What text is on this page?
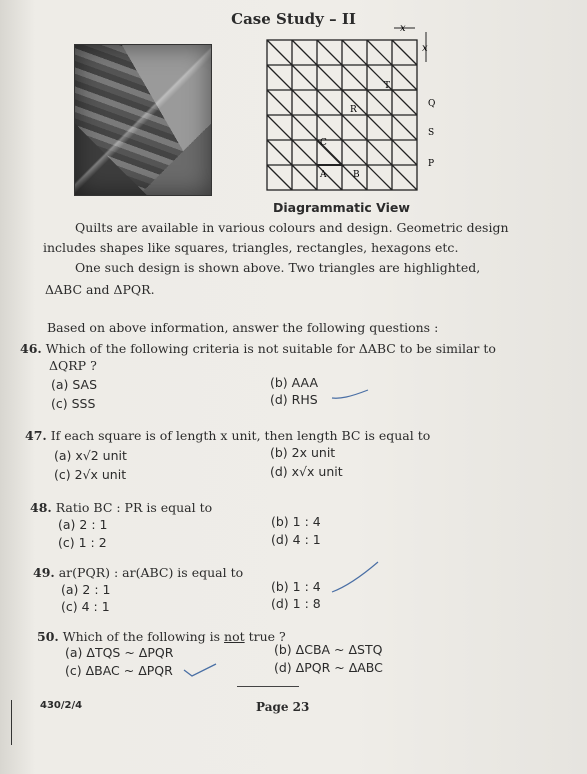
Case Study – II
x
x
R
T
Q
C
S
A	B
P
Diagrammatic View
Quilts are available in various colours and design. Geometric design
includes shapes like squares, triangles, rectangles, hexagons etc.
One such design is shown above. Two triangles are highlighted,
ΔABC and ΔPQR.
Based on above information, answer the following questions :
46. Which of the following criteria is not suitable for ΔABC to be similar to
ΔQRP ?
(a) SAS	(b) AAA
(c) SSS	(d) RHS
47. If each square is of length x unit, then length BC is equal to
(a) x√2 unit	(b) 2x unit
(c) 2√x unit	(d) x√x unit
48. Ratio BC : PR is equal to
(a) 2 : 1	(b) 1 : 4
(c) 1 : 2	(d) 4 : 1
49. ar(PQR) : ar(ABC) is equal to
(a) 2 : 1	(b) 1 : 4
(c) 4 : 1	(d) 1 : 8
50. Which of the following is not true ?
(a) ΔTQS ~ ΔPQR	(b) ΔCBA ~ ΔSTQ
(c) ΔBAC ~ ΔPQR	(d) ΔPQR ~ ΔABC
430/2/4	Page 23
